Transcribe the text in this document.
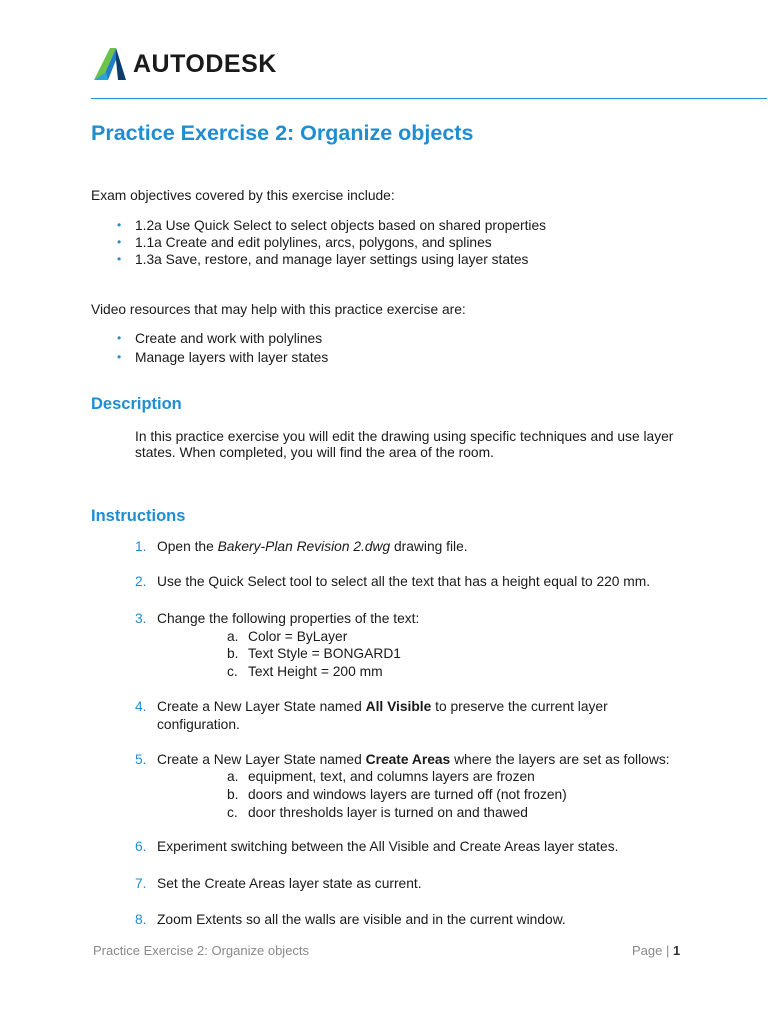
AUTODESK.
Practice Exercise 2: Organize objects
Exam objectives covered by this exercise include:
• 1.2a Use Quick Select to select objects based on shared properties
• 1.1a Create and edit polylines, arcs, polygons, and splines
• 1.3a Save, restore, and manage layer settings using layer states
Video resources that may help with this practice exercise are:
• Create and work with polylines
• Manage layers with layer states
Description
In this practice exercise you will edit the drawing using specific techniques and use layer
states. When completed, you will find the area of the room.
Instructions
1. Open the Bakery-Plan Revision 2.dwg drawing file.
2. Use the Quick Select tool to select all the text that has a height equal to 220 mm.
3. Change the following properties of the text:
a. Color = ByLayer
b. Text Style = BONGARD1
c. Text Height = 200 mm
4. Create a New Layer State named All Visible to preserve the current layer
configuration.
5. Create a New Layer State named Create Areas where the layers are set as follows:
a. equipment, text, and columns layers are frozen
b. doors and windows layers are turned off (not frozen)
c. door thresholds layer is turned on and thawed
6. Experiment switching between the All Visible and Create Areas layer states.
7. Set the Create Areas layer state as current.
8. Zoom Extents so all the walls are visible and in the current window.
Practice Exercise 2: Organize objects	Page | 1
